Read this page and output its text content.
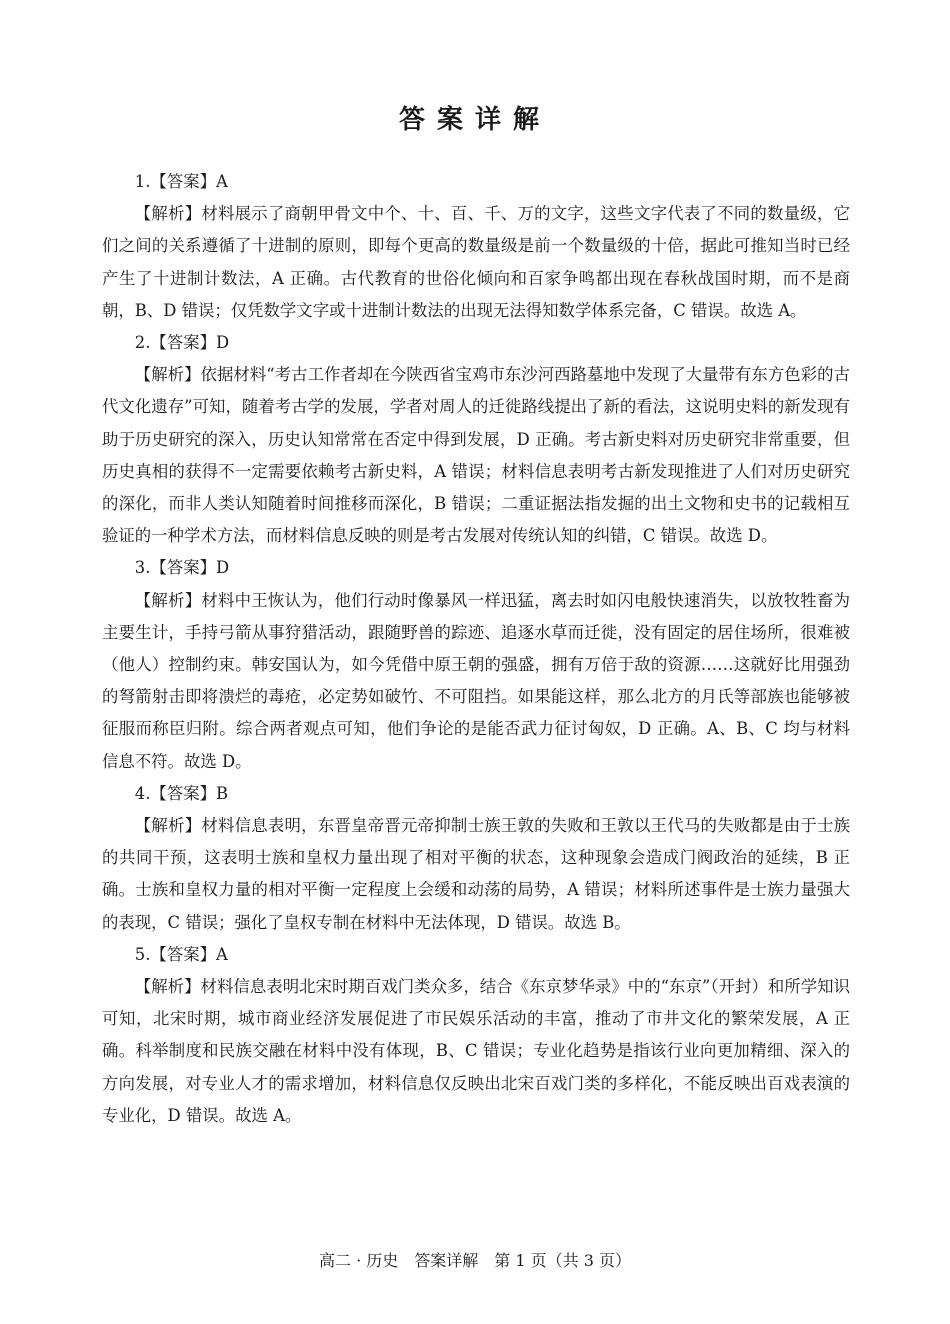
答案详解

1.【答案】A

【解析】材料展示了商朝甲骨文中个、十、百、千、万的文字，这些文字代表了不同的数量级，它们之间的关系遵循了十进制的原则，即每个更高的数量级是前一个数量级的十倍，据此可推知当时已经产生了十进制计数法，A 正确。古代教育的世俗化倾向和百家争鸣都出现在春秋战国时期，而不是商朝，B、D 错误；仅凭数学文字或十进制计数法的出现无法得知数学体系完备，C 错误。故选 A。

2.【答案】D

【解析】依据材料“考古工作者却在今陕西省宝鸡市东沙河西路墓地中发现了大量带有东方色彩的古代文化遗存”可知，随着考古学的发展，学者对周人的迁徙路线提出了新的看法，这说明史料的新发现有助于历史研究的深入，历史认知常常在否定中得到发展，D 正确。考古新史料对历史研究非常重要，但历史真相的获得不一定需要依赖考古新史料，A 错误；材料信息表明考古新发现推进了人们对历史研究的深化，而非人类认知随着时间推移而深化，B 错误；二重证据法指发掘的出土文物和史书的记载相互验证的一种学术方法，而材料信息反映的则是考古发展对传统认知的纠错，C 错误。故选 D。

3.【答案】D

【解析】材料中王恢认为，他们行动时像暴风一样迅猛，离去时如闪电般快速消失，以放牧牲畜为主要生计，手持弓箭从事狩猎活动，跟随野兽的踪迹、追逐水草而迁徙，没有固定的居住场所，很难被（他人）控制约束。韩安国认为，如今凭借中原王朝的强盛，拥有万倍于敌的资源……这就好比用强劲的弩箭射击即将溃烂的毒疮，必定势如破竹、不可阻挡。如果能这样，那么北方的月氏等部族也能够被征服而称臣归附。综合两者观点可知，他们争论的是能否武力征讨匈奴，D 正确。A、B、C 均与材料信息不符。故选 D。

4.【答案】B

【解析】材料信息表明，东晋皇帝晋元帝抑制士族王敦的失败和王敦以王代马的失败都是由于士族的共同干预，这表明士族和皇权力量出现了相对平衡的状态，这种现象会造成门阀政治的延续，B 正确。士族和皇权力量的相对平衡一定程度上会缓和动荡的局势，A 错误；材料所述事件是士族力量强大的表现，C 错误；强化了皇权专制在材料中无法体现，D 错误。故选 B。

5.【答案】A

【解析】材料信息表明北宋时期百戏门类众多，结合《东京梦华录》中的“东京”（开封）和所学知识可知，北宋时期，城市商业经济发展促进了市民娱乐活动的丰富，推动了市井文化的繁荣发展，A 正确。科举制度和民族交融在材料中没有体现，B、C 错误；专业化趋势是指该行业向更加精细、深入的方向发展，对专业人才的需求增加，材料信息仅反映出北宋百戏门类的多样化，不能反映出百戏表演的专业化，D 错误。故选 A。

高二 · 历史　答案详解　第 1 页（共 3 页）
